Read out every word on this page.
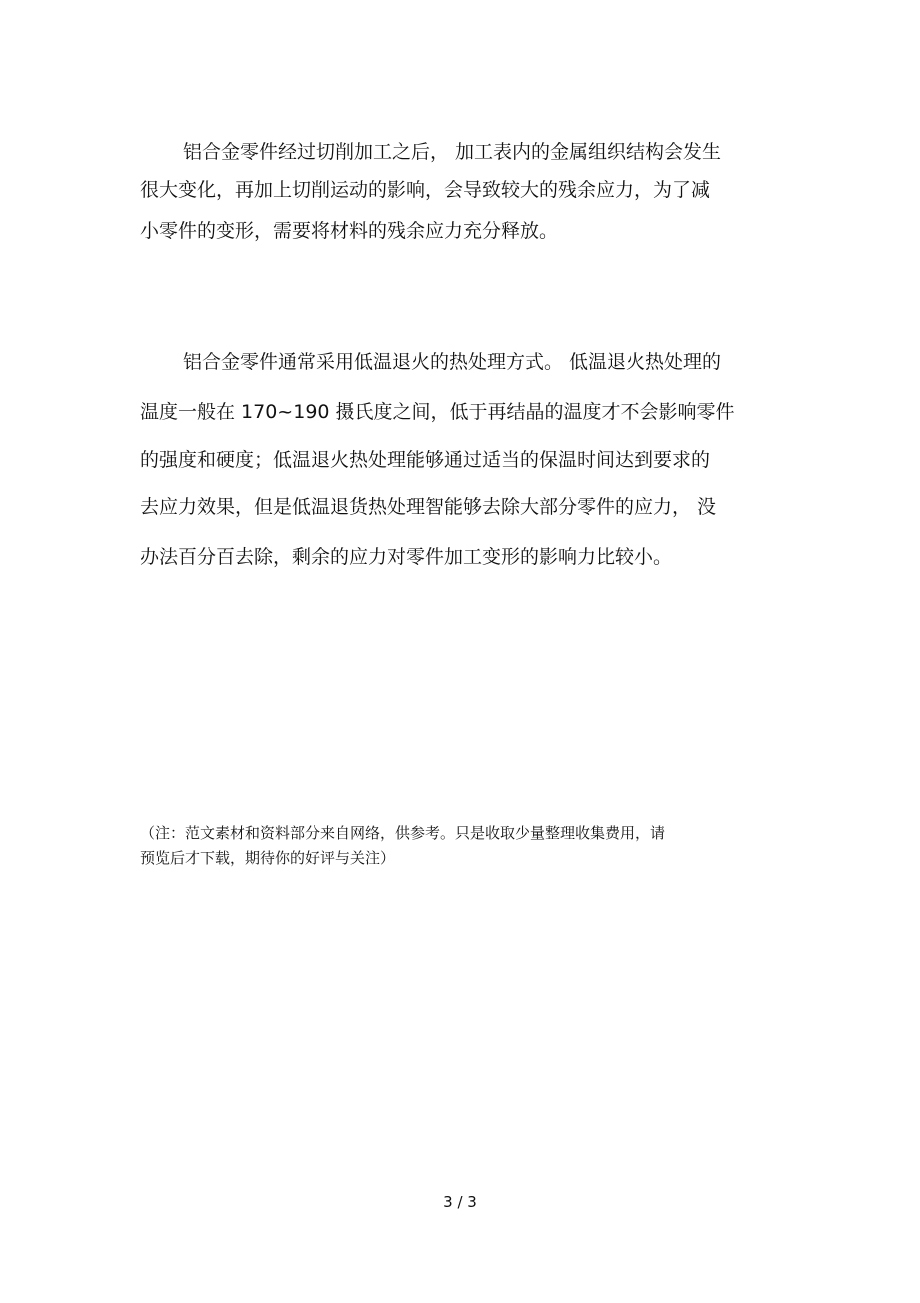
铝合金零件经过切削加工之后， 加工表内的金属组织结构会发生
很大变化，再加上切削运动的影响，会导致较大的残余应力，为了减
小零件的变形，需要将材料的残余应力充分释放。
铝合金零件通常采用低温退火的热处理方式。 低温退火热处理的
温度一般在 170~190 摄氏度之间，低于再结晶的温度才不会影响零件
的强度和硬度；低温退火热处理能够通过适当的保温时间达到要求的
去应力效果，但是低温退货热处理智能够去除大部分零件的应力， 没
办法百分百去除，剩余的应力对零件加工变形的影响力比较小。
（注：范文素材和资料部分来自网络，供参考。只是收取少量整理收集费用，请
预览后才下载，期待你的好评与关注）
3 / 3
